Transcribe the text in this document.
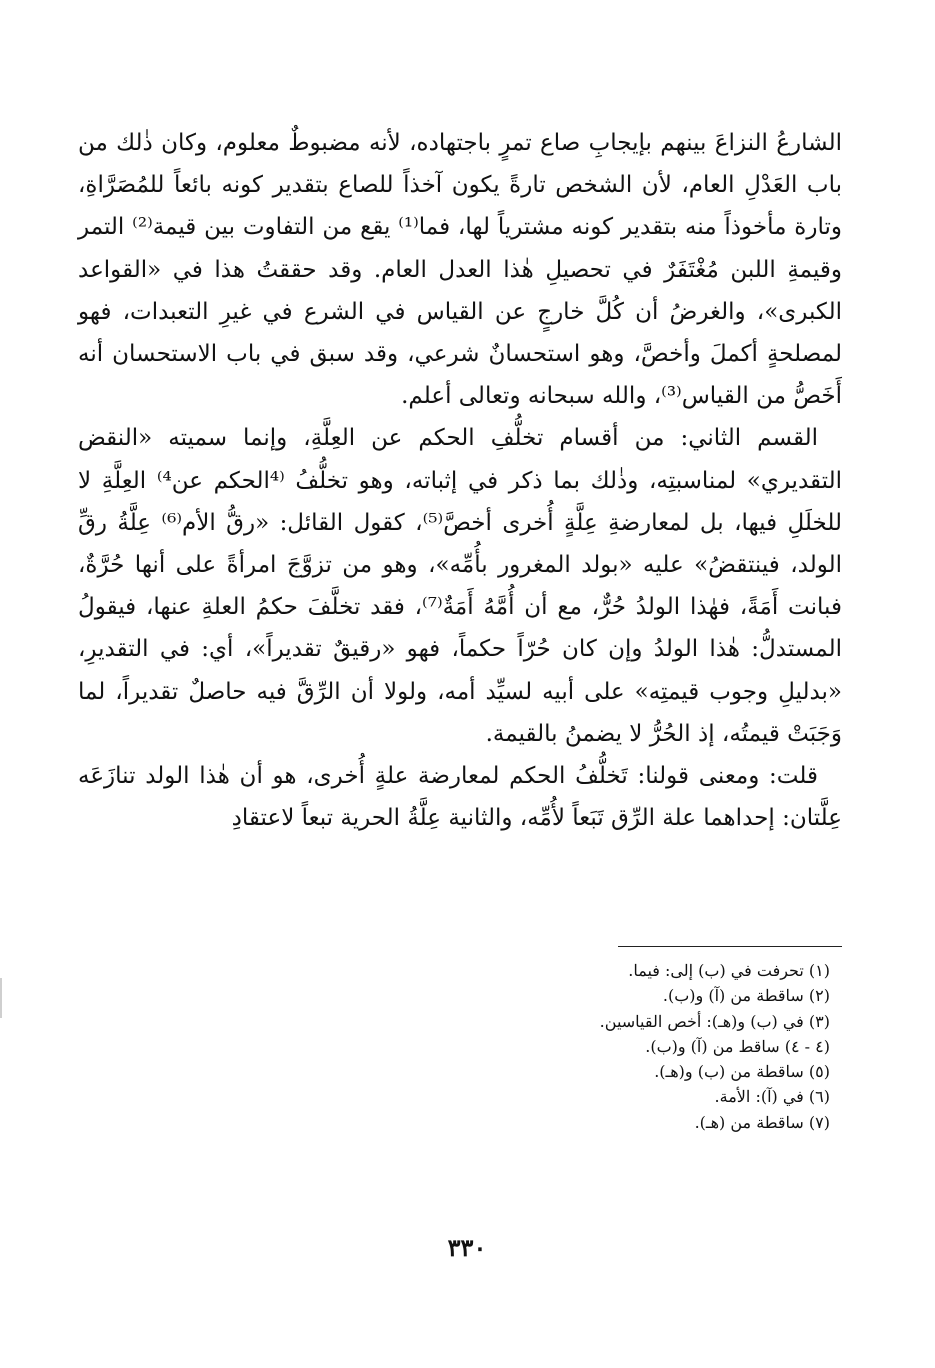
الشارعُ النزاعَ بينهم بإيجابِ صاع تمرٍ باجتهاده، لأنه مضبوطٌ معلوم، وكان ذٰلك من باب العَدْلِ العام، لأن الشخص تارةً يكون آخذاً للصاع بتقدير كونه بائعاً للمُصَرَّاةِ، وتارة مأخوذاً منه بتقدير كونه مشترياً لها، فما⁽¹⁾ يقع من التفاوت بين قيمة⁽²⁾ التمر وقيمةِ اللبن مُغْتَفَرٌ في تحصيلِ هٰذا العدل العام. وقد حققتُ هذا في «القواعد الكبرى»، والغرضُ أن كُلَّ خارجٍ عن القياس في الشرع في غيرِ التعبدات، فهو لمصلحةٍ أكملَ وأخصَّ، وهو استحسانٌ شرعي، وقد سبق في باب الاستحسان أنه أَخَصُّ من القياس⁽³⁾، والله سبحانه وتعالى أعلم.

القسم الثاني: من أقسام تخلُّفِ الحكم عن العِلَّةِ، وإنما سميته «النقض التقديري» لمناسبتِه، وذٰلك بما ذكر في إثباته، وهو تخلُّفُ ⁽⁴الحكم عن⁴⁾ العِلَّةِ لا للخلَلِ فيها، بل لمعارضةِ عِلَّةٍ أُخرى أخصَّ⁽⁵⁾، كقول القائل: «رقُّ الأم⁽⁶⁾ عِلَّةُ رقِّ الولد، فينتقضُ» عليه «بولد المغرور بأُمِّه»، وهو من تزوَّجَ امرأةً على أنها حُرَّةٌ، فبانت أَمَةً، فهٰذا الولدُ حُرٌّ، مع أن أُمَّهُ أَمَةٌ⁽⁷⁾، فقد تخلَّفَ حكمُ العلةِ عنها، فيقولُ المستدلُّ: هٰذا الولدُ وإن كان حُرّاً حكماً، فهو «رقيقٌ تقديراً»، أي: في التقديرِ، «بدليلِ وجوب قيمتِه» على أبيه لسيِّد أمه، ولولا أن الرِّقَّ فيه حاصلٌ تقديراً، لما وَجَبَتْ قيمتُه، إذ الحُرُّ لا يضمنُ بالقيمة.

قلت: ومعنى قولنا: تَخلُّفُ الحكم لمعارضة علةٍ أُخرى، هو أن هٰذا الولد تنازَعَه عِلَّتان: إحداهما علة الرِّق تَبَعاً لأُمِّه، والثانية عِلَّةُ الحرية تبعاً لاعتقادِ

(١) تحرفت في (ب) إلى: فيما.
(٢) ساقطة من (آ) و(ب).
(٣) في (ب) و(هـ): أخص القياسين.
(٤ - ٤) ساقط من (آ) و(ب).
(٥) ساقطة من (ب) و(هـ).
(٦) في (آ): الأمة.
(٧) ساقطة من (هـ).
٣٣٠
